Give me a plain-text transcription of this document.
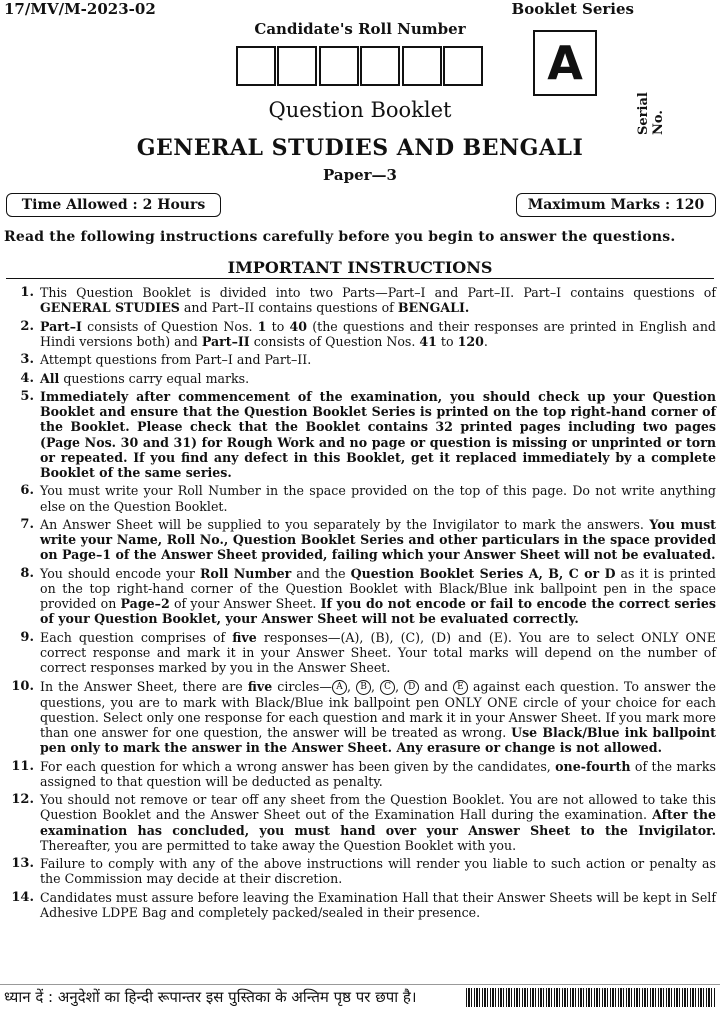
17/MV/M-2023-02	Booklet Series
Candidate's Roll Number
A
Serial No.
Question Booklet
GENERAL STUDIES AND BENGALI
Paper—3
Time Allowed : 2 Hours	Maximum Marks : 120
Read the following instructions carefully before you begin to answer the questions.
IMPORTANT INSTRUCTIONS
1. This Question Booklet is divided into two Parts—Part–I and Part–II. Part–I contains questions of GENERAL STUDIES and Part–II contains questions of BENGALI.
2. Part–I consists of Question Nos. 1 to 40 (the questions and their responses are printed in English and Hindi versions both) and Part–II consists of Question Nos. 41 to 120.
3. Attempt questions from Part–I and Part–II.
4. All questions carry equal marks.
5. Immediately after commencement of the examination, you should check up your Question Booklet and ensure that the Question Booklet Series is printed on the top right-hand corner of the Booklet. Please check that the Booklet contains 32 printed pages including two pages (Page Nos. 30 and 31) for Rough Work and no page or question is missing or unprinted or torn or repeated. If you find any defect in this Booklet, get it replaced immediately by a complete Booklet of the same series.
6. You must write your Roll Number in the space provided on the top of this page. Do not write anything else on the Question Booklet.
7. An Answer Sheet will be supplied to you separately by the Invigilator to mark the answers. You must write your Name, Roll No., Question Booklet Series and other particulars in the space provided on Page–1 of the Answer Sheet provided, failing which your Answer Sheet will not be evaluated.
8. You should encode your Roll Number and the Question Booklet Series A, B, C or D as it is printed on the top right-hand corner of the Question Booklet with Black/Blue ink ballpoint pen in the space provided on Page–2 of your Answer Sheet. If you do not encode or fail to encode the correct series of your Question Booklet, your Answer Sheet will not be evaluated correctly.
9. Each question comprises of five responses—(A), (B), (C), (D) and (E). You are to select ONLY ONE correct response and mark it in your Answer Sheet. Your total marks will depend on the number of correct responses marked by you in the Answer Sheet.
10. In the Answer Sheet, there are five circles— A , B , C , D and E against each question. To answer the questions, you are to mark with Black/Blue ink ballpoint pen ONLY ONE circle of your choice for each question. Select only one response for each question and mark it in your Answer Sheet. If you mark more than one answer for one question, the answer will be treated as wrong. Use Black/Blue ink ballpoint pen only to mark the answer in the Answer Sheet. Any erasure or change is not allowed.
11. For each question for which a wrong answer has been given by the candidates, one-fourth of the marks assigned to that question will be deducted as penalty.
12. You should not remove or tear off any sheet from the Question Booklet. You are not allowed to take this Question Booklet and the Answer Sheet out of the Examination Hall during the examination. After the examination has concluded, you must hand over your Answer Sheet to the Invigilator. Thereafter, you are permitted to take away the Question Booklet with you.
13. Failure to comply with any of the above instructions will render you liable to such action or penalty as the Commission may decide at their discretion.
14. Candidates must assure before leaving the Examination Hall that their Answer Sheets will be kept in Self Adhesive LDPE Bag and completely packed/sealed in their presence.
ध्यान दें : अनुदेशों का हिन्दी रूपान्तर इस पुस्तिका के अन्तिम पृष्ठ पर छपा है।
